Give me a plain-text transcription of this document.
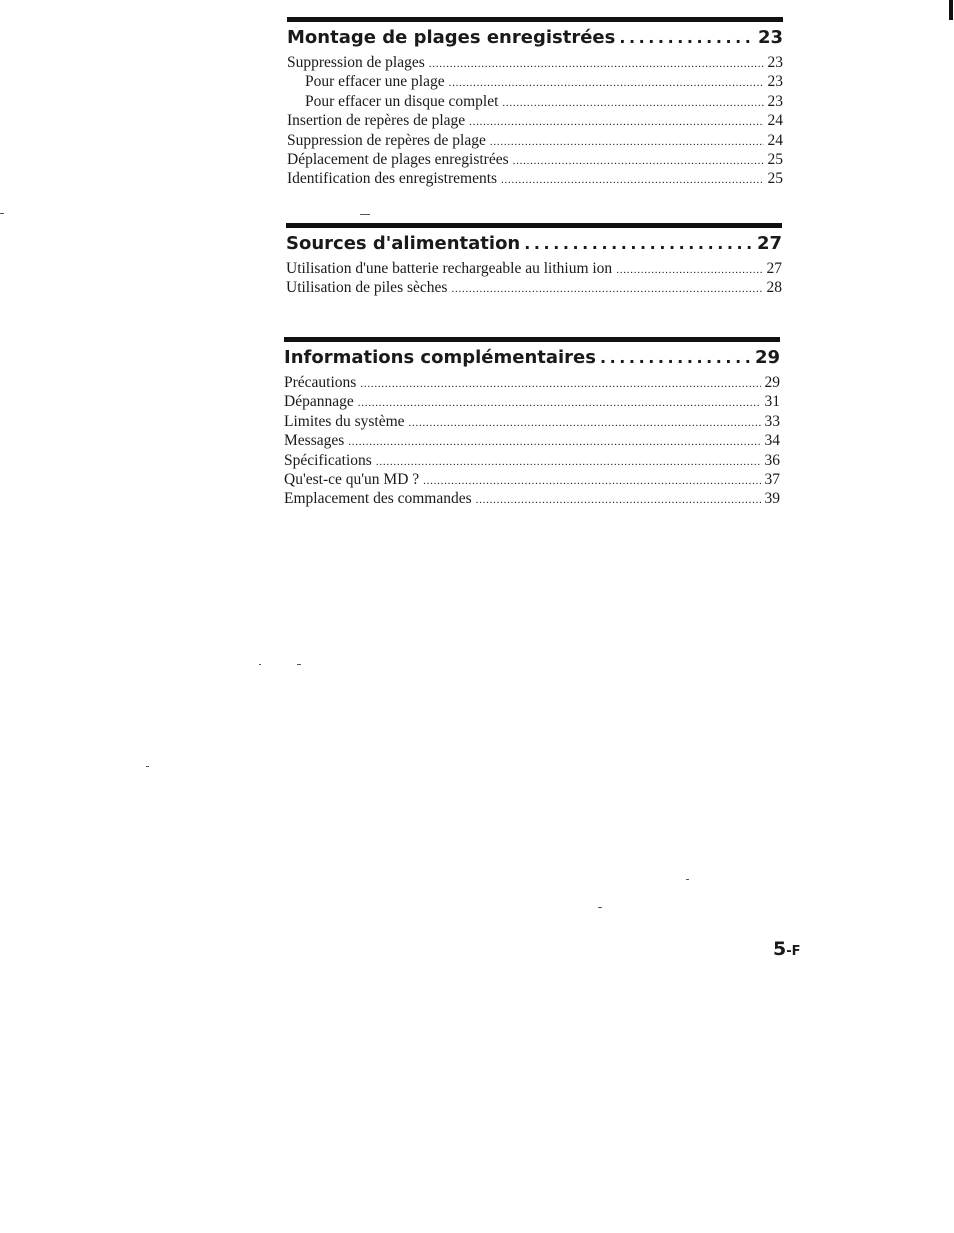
Montage de plages enregistrées . . .	23
Suppression de plages . . .	23
Pour effacer une plage . . .	23
Pour effacer un disque complet . . .	23
Insertion de repères de plage . . .	24
Suppression de repères de plage . . .	24
Déplacement de plages enregistrées . . .	25
Identification des enregistrements . . .	25
Sources d'alimentation . . .	27
Utilisation d'une batterie rechargeable au lithium ion . . .	27
Utilisation de piles sèches . . .	28
Informations complémentaires . . .	29
Précautions . . .	29
Dépannage . . .	31
Limites du système . . .	33
Messages . . .	34
Spécifications . . .	36
Qu'est-ce qu'un MD ? . . .	37
Emplacement des commandes . . .	39
5-F
